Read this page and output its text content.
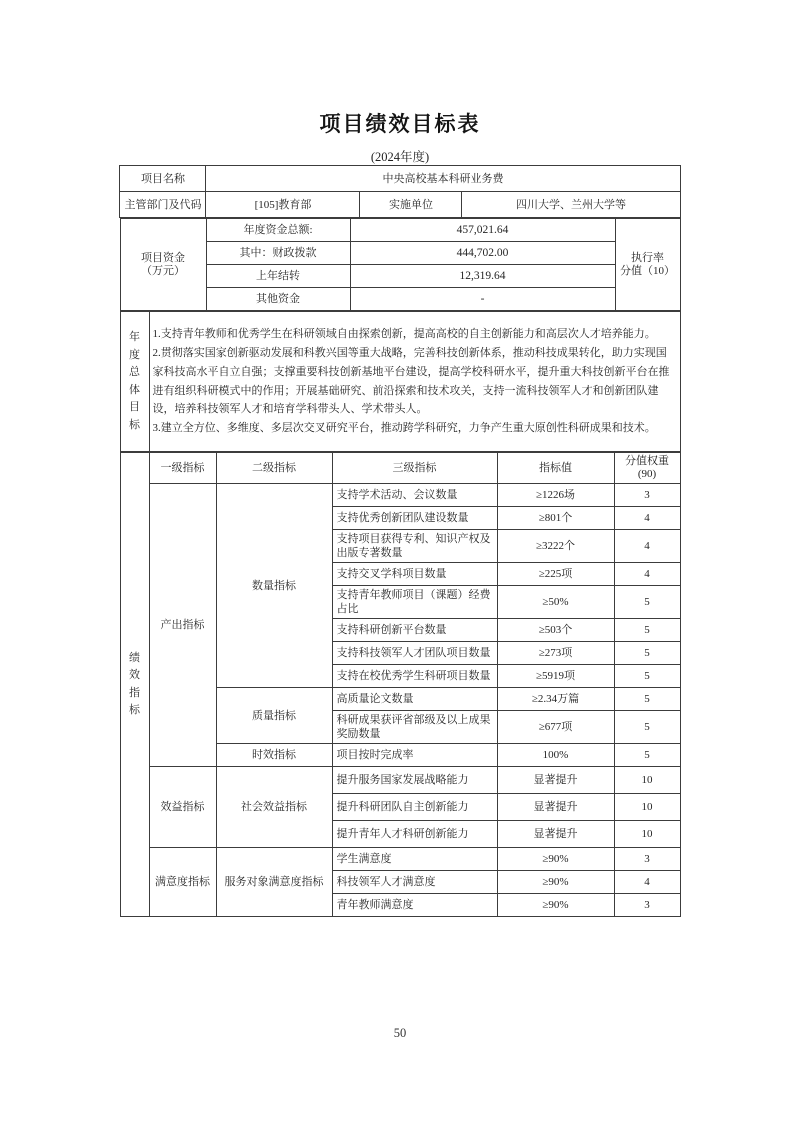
项目绩效目标表
(2024年度)
项目名称	中央高校基本科研业务费		
主管部门及代码	[105]教育部	实施单位	四川大学、兰州大学等
项目资金
（万元）
	年度资金总额:	457,021.64	
执行率
分值（10）

	其中：财政拨款	444,702.00	
	上年结转	12,319.64	
	其他资金	-	
年度总体目标	
1.支持青年教师和优秀学生在科研领域自由探索创新，提高高校的自主创新能力和高层次人才培养能力。
2.贯彻落实国家创新驱动发展和科教兴国等重大战略，完善科技创新体系，推动科技成果转化，助力实现国家科技高水平自立自强；支撑重要科技创新基地平台建设，提高学校科研水平，提升重大科技创新平台在推进有组织科研模式中的作用；开展基础研究、前沿探索和技术攻关，支持一流科技领军人才和创新团队建设，培养科技领军人才和培育学科带头人、学术带头人。
3.建立全方位、多维度、多层次交叉研究平台，推动跨学科研究，力争产生重大原创性科研成果和技术。
绩效指标	一级指标	二级指标	三级指标	指标值	分值权重
(90)

	产出指标	数量指标	支持学术活动、会议数量	≥1226场	3
			支持优秀创新团队建设数量	≥801个	4
			支持项目获得专利、知识产权及出版专著数量	≥3222个	4
			支持交叉学科项目数量	≥225项	4
			支持青年教师项目（课题）经费占比	≥50%	5
			支持科研创新平台数量	≥503个	5
			支持科技领军人才团队项目数量	≥273项	5
			支持在校优秀学生科研项目数量	≥5919项	5
		质量指标	高质量论文数量	≥2.34万篇	5
			科研成果获评省部级及以上成果奖励数量	≥677项	5
		时效指标	项目按时完成率	100%	5
	效益指标	社会效益指标	提升服务国家发展战略能力	显著提升	10
			提升科研团队自主创新能力	显著提升	10
			提升青年人才科研创新能力	显著提升	10
	满意度指标	服务对象满意度指标	学生满意度	≥90%	3
			科技领军人才满意度	≥90%	4
			青年教师满意度	≥90%	3
50
